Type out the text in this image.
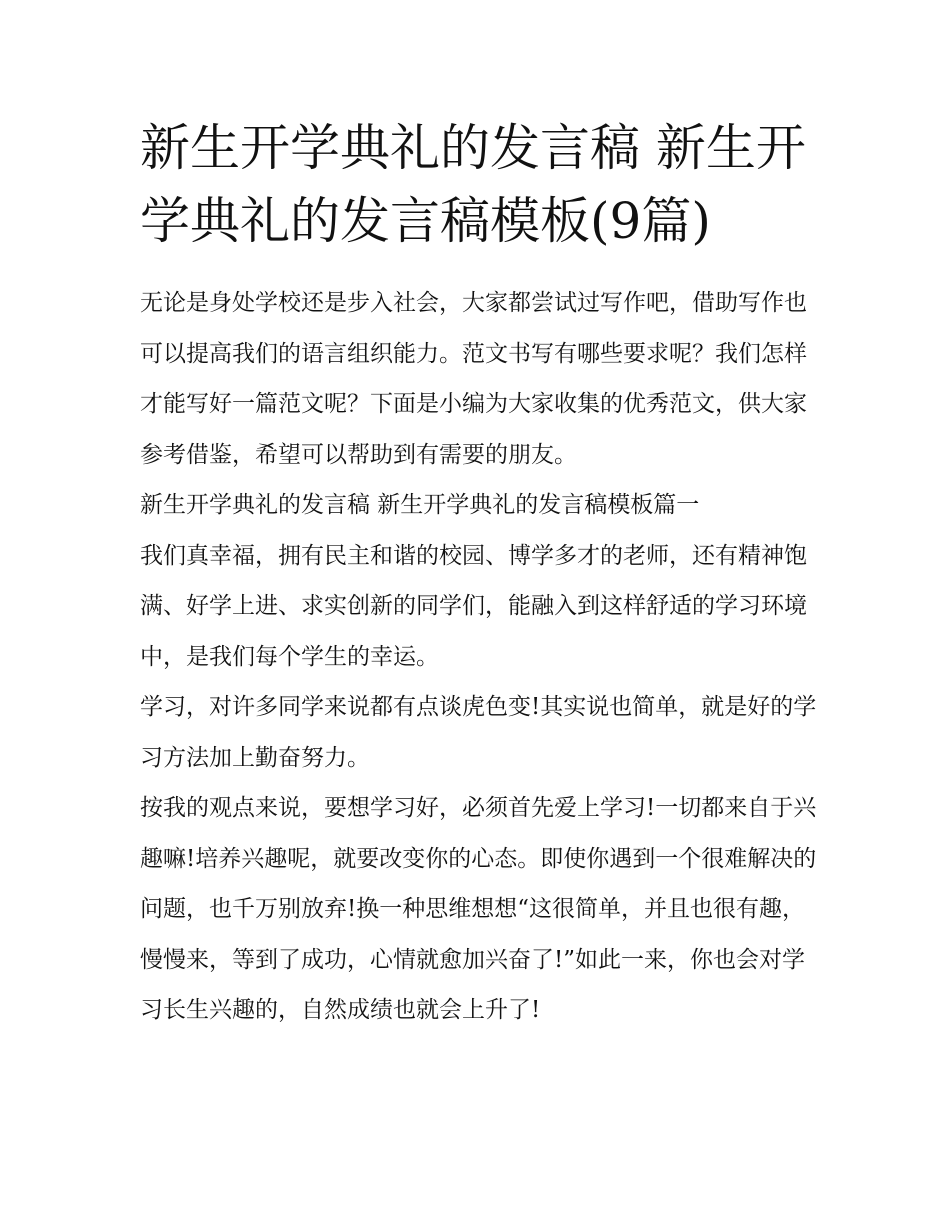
新生开学典礼的发言稿 新生开学典礼的发言稿模板(9篇)

无论是身处学校还是步入社会，大家都尝试过写作吧，借助写作也可以提高我们的语言组织能力。范文书写有哪些要求呢？我们怎样才能写好一篇范文呢？下面是小编为大家收集的优秀范文，供大家参考借鉴，希望可以帮助到有需要的朋友。

新生开学典礼的发言稿 新生开学典礼的发言稿模板篇一

我们真幸福，拥有民主和谐的校园、博学多才的老师，还有精神饱满、好学上进、求实创新的同学们，能融入到这样舒适的学习环境中，是我们每个学生的幸运。

学习，对许多同学来说都有点谈虎色变!其实说也简单，就是好的学习方法加上勤奋努力。

按我的观点来说，要想学习好，必须首先爱上学习!一切都来自于兴趣嘛!培养兴趣呢，就要改变你的心态。即使你遇到一个很难解决的问题，也千万别放弃!换一种思维想想“这很简单，并且也很有趣，慢慢来，等到了成功，心情就愈加兴奋了!”如此一来，你也会对学习长生兴趣的，自然成绩也就会上升了!
